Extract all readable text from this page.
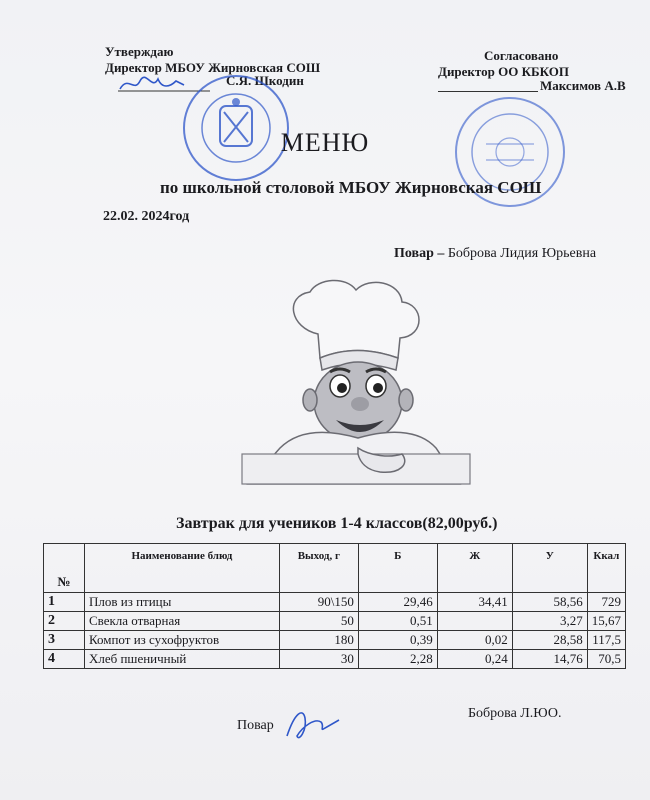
Утверждаю
Директор МБОУ Жирновская СОШ
С.Я. Шкодин
Согласовано
Директор ОО КБКОП
Максимов А.В
МЕНЮ
по школьной столовой МБОУ Жирновская СОШ
22.02. 2024год
Повар – Боброва Лидия Юрьевна
Завтрак для учеников 1-4 классов(82,00руб.)
№	Наименование блюд	Выход, г	Б	Ж	У	Ккал
1	Плов из птицы	90\150	29,46	34,41	58,56	729
2	Свекла отварная	50	0,51		3,27	15,67
3	Компот из сухофруктов	180	0,39	0,02	28,58	117,5
4	Хлеб пшеничный	30	2,28	0,24	14,76	70,5
Повар
Боброва Л.ЮО.
